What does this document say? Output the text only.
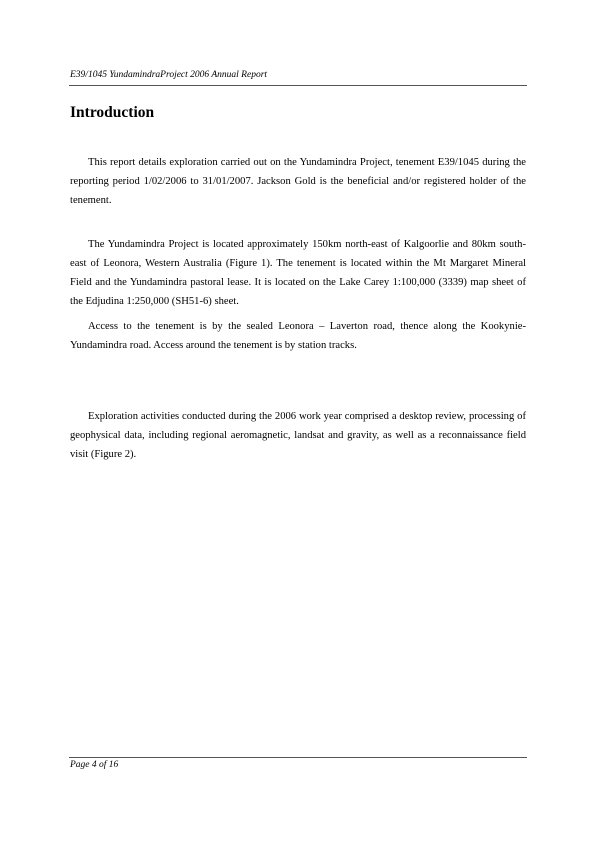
E39/1045 YundamindraProject 2006 Annual Report
Introduction

This report details exploration carried out on the Yundamindra Project, tenement E39/1045 during the reporting period 1/02/2006 to 31/01/2007. Jackson Gold is the beneficial and/or registered holder of the tenement.

The Yundamindra Project is located approximately 150km north-east of Kalgoorlie and 80km south-east of Leonora, Western Australia (Figure 1). The tenement is located within the Mt Margaret Mineral Field and the Yundamindra pastoral lease. It is located on the Lake Carey 1:100,000 (3339) map sheet of the Edjudina 1:250,000 (SH51-6) sheet.

Access to the tenement is by the sealed Leonora – Laverton road, thence along the Kookynie-Yundamindra road. Access around the tenement is by station tracks.

Exploration activities conducted during the 2006 work year comprised a desktop review, processing of geophysical data, including regional aeromagnetic, landsat and gravity, as well as a reconnaissance field visit (Figure 2).

Page 4 of 16
